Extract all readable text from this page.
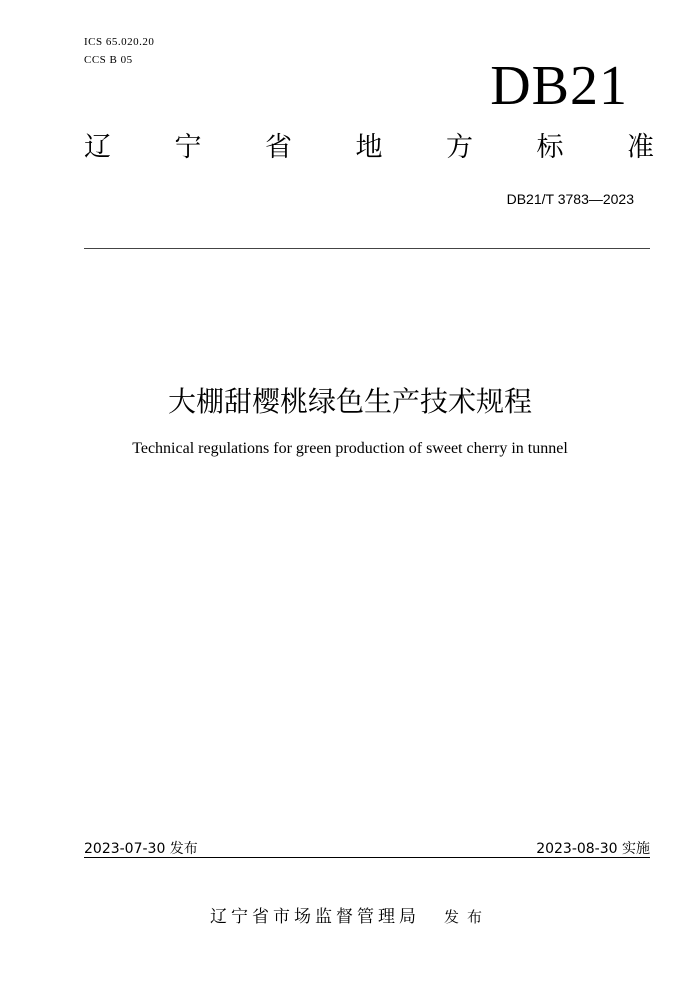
ICS 65.020.20
CCS B 05	DB21
辽 宁 省 地 方 标 准
DB21/T 3783—2023
大棚甜樱桃绿色生产技术规程
Technical regulations for green production of sweet cherry in tunnel
2023-07-30 发布	2023-08-30 实施
辽宁省市场监督管理局 发布
